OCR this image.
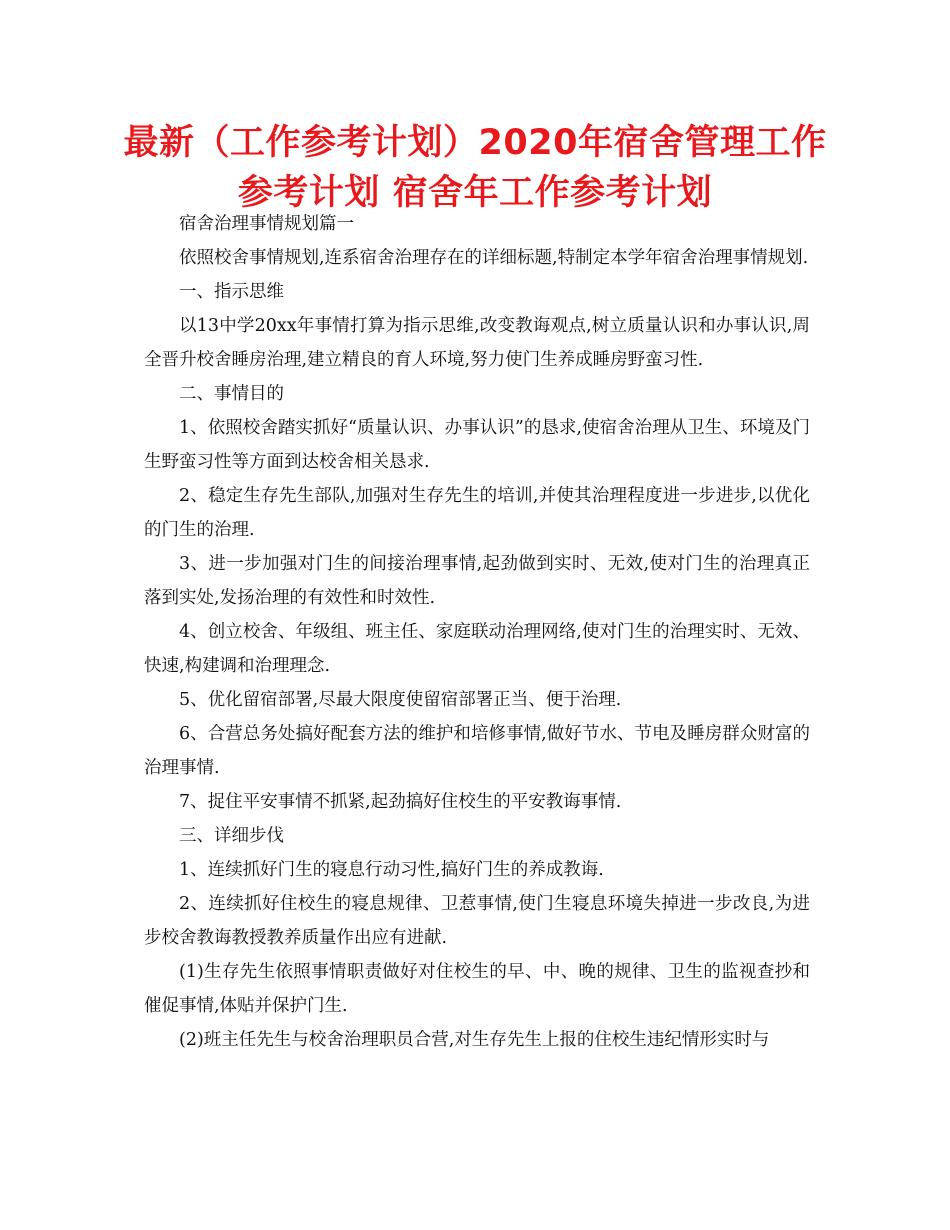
最新（工作参考计划）2020年宿舍管理工作参考计划 宿舍年工作参考计划

宿舍治理事情规划篇一

依照校舍事情规划,连系宿舍治理存在的详细标题,特制定本学年宿舍治理事情规划.

一、指示思维

以13中学20xx年事情打算为指示思维,改变教诲观点,树立质量认识和办事认识,周全晋升校舍睡房治理,建立精良的育人环境,努力使门生养成睡房野蛮习性.

二、事情目的

1、依照校舍踏实抓好“质量认识、办事认识”的恳求,使宿舍治理从卫生、环境及门生野蛮习性等方面到达校舍相关恳求.

2、稳定生存先生部队,加强对生存先生的培训,并使其治理程度进一步进步,以优化的门生的治理.

3、进一步加强对门生的间接治理事情,起劲做到实时、无效,使对门生的治理真正落到实处,发扬治理的有效性和时效性.

4、创立校舍、年级组、班主任、家庭联动治理网络,使对门生的治理实时、无效、快速,构建调和治理理念.

5、优化留宿部署,尽最大限度使留宿部署正当、便于治理.

6、合营总务处搞好配套方法的维护和培修事情,做好节水、节电及睡房群众财富的治理事情.

7、捉住平安事情不抓紧,起劲搞好住校生的平安教诲事情.

三、详细步伐

1、连续抓好门生的寝息行动习性,搞好门生的养成教诲.

2、连续抓好住校生的寝息规律、卫惹事情,使门生寝息环境失掉进一步改良,为进步校舍教诲教授教养质量作出应有进献.

(1)生存先生依照事情职责做好对住校生的早、中、晚的规律、卫生的监视查抄和催促事情,体贴并保护门生.

(2)班主任先生与校舍治理职员合营,对生存先生上报的住校生违纪情形实时与
